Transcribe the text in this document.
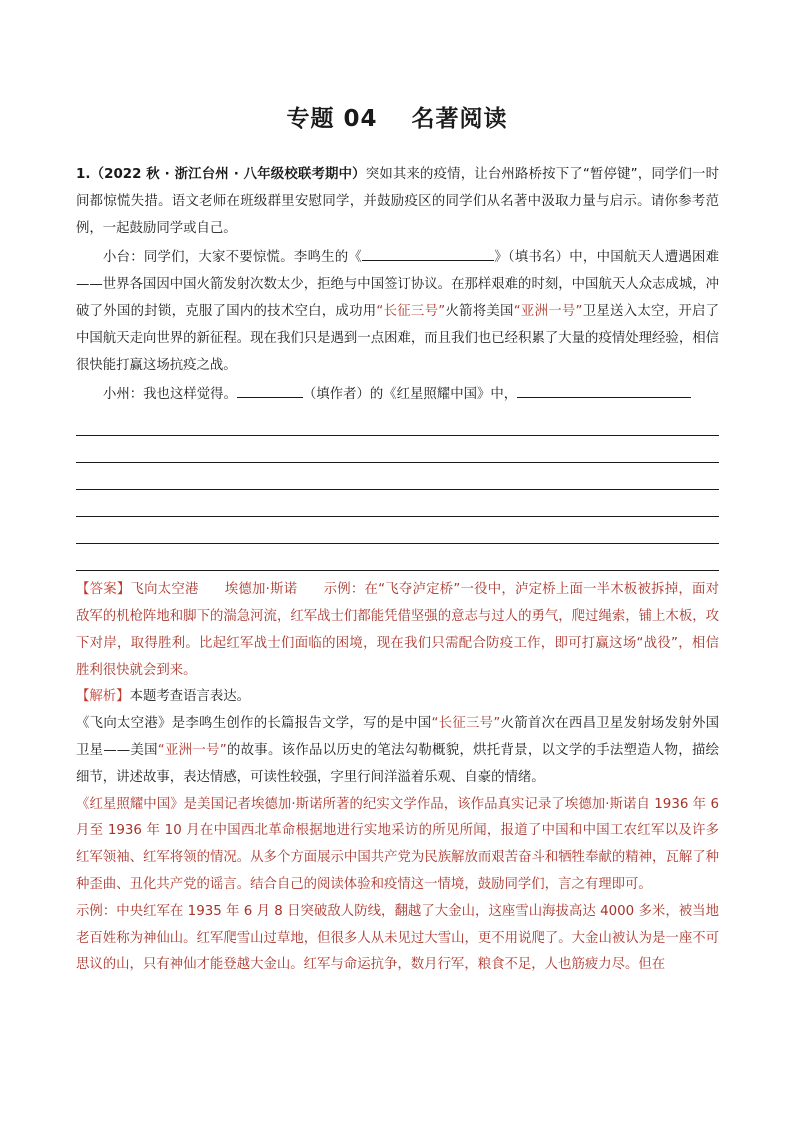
专题 04 名著阅读

1.（2022 秋 · 浙江台州 · 八年级校联考期中）突如其来的疫情，让台州路桥按下了“暂停键”，同学们一时间都惊慌失措。语文老师在班级群里安慰同学，并鼓励疫区的同学们从名著中汲取力量与启示。请你参考范例，一起鼓励同学或自己。

小台：同学们，大家不要惊慌。李鸣生的《	》（填书名）中，中国航天人遭遇困难——世界各国因中国火箭发射次数太少，拒绝与中国签订协议。在那样艰难的时刻，中国航天人众志成城，冲破了外国的封锁，克服了国内的技术空白，成功用“长征三号”火箭将美国“亚洲一号”卫星送入太空，开启了中国航天走向世界的新征程。现在我们只是遇到一点困难，而且我们也已经积累了大量的疫情处理经验，相信很快能打赢这场抗疫之战。

小州：我也这样觉得。	（填作者）的《红星照耀中国》中，

【答案】飞向太空港 埃德加·斯诺 示例：在“飞夺泸定桥”一役中，泸定桥上面一半木板被拆掉，面对敌军的机枪阵地和脚下的湍急河流，红军战士们都能凭借坚强的意志与过人的勇气，爬过绳索，铺上木板，攻下对岸，取得胜利。比起红军战士们面临的困境，现在我们只需配合防疫工作，即可打赢这场“战役”，相信胜利很快就会到来。

【解析】本题考查语言表达。

《飞向太空港》是李鸣生创作的长篇报告文学，写的是中国“长征三号”火箭首次在西昌卫星发射场发射外国卫星——美国“亚洲一号”的故事。该作品以历史的笔法勾勒概貌，烘托背景，以文学的手法塑造人物，描绘细节，讲述故事，表达情感，可读性较强，字里行间洋溢着乐观、自豪的情绪。

《红星照耀中国》是美国记者埃德加·斯诺所著的纪实文学作品，该作品真实记录了埃德加·斯诺自 1936 年 6 月至 1936 年 10 月在中国西北革命根据地进行实地采访的所见所闻，报道了中国和中国工农红军以及许多红军领袖、红军将领的情况。从多个方面展示中国共产党为民族解放而艰苦奋斗和牺牲奉献的精神，瓦解了种种歪曲、丑化共产党的谣言。结合自己的阅读体验和疫情这一情境，鼓励同学们，言之有理即可。

示例：中央红军在 1935 年 6 月 8 日突破敌人防线，翻越了大金山，这座雪山海拔高达 4000 多米，被当地老百姓称为神仙山。红军爬雪山过草地，但很多人从未见过大雪山，更不用说爬了。大金山被认为是一座不可思议的山，只有神仙才能登越大金山。红军与命运抗争，数月行军，粮食不足，人也筋疲力尽。但在
